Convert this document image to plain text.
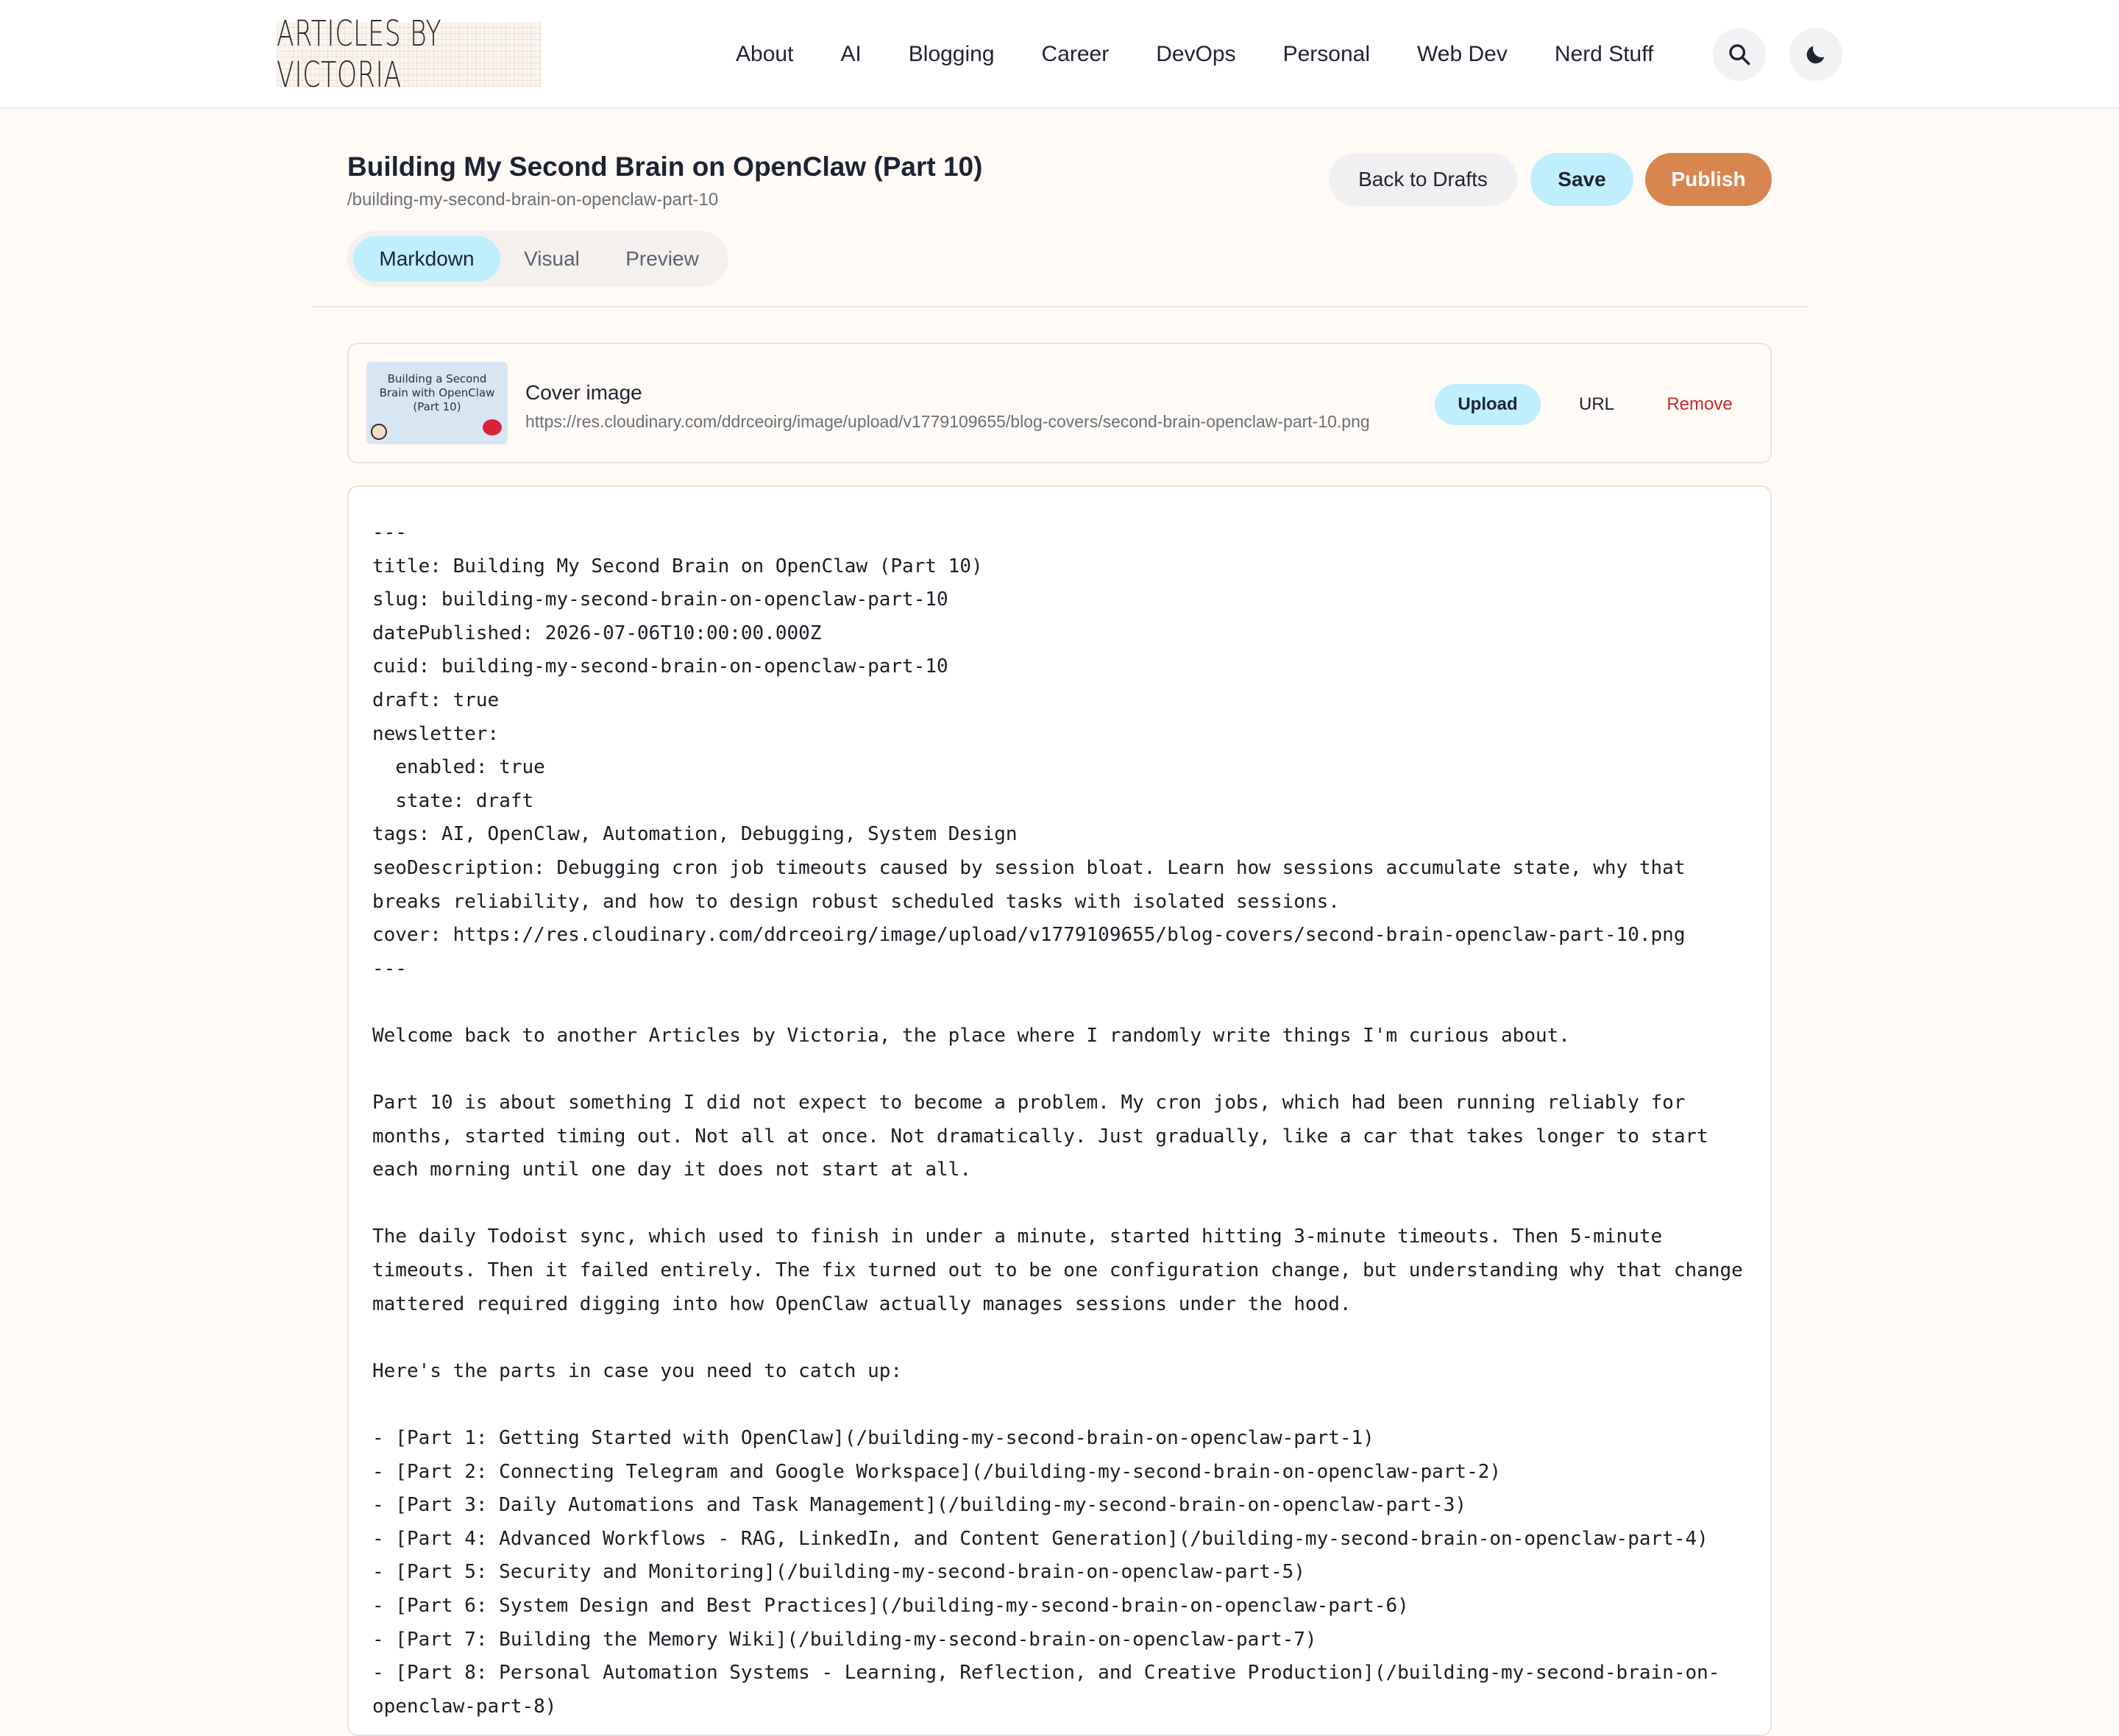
ARTICLES BY VICTORIA
About AI Blogging Career DevOps Personal Web Dev Nerd Stuff
Building My Second Brain on OpenClaw (Part 10)
/building-my-second-brain-on-openclaw-part-10
Back to Drafts	Save	Publish
Markdown	Visual	Preview
Building a Second Brain with OpenClaw (Part 10)
Cover image
https://res.cloudinary.com/ddrceoirg/image/upload/v1779109655/blog-covers/second-brain-openclaw-part-10.png
Upload	URL	Remove
---
title: Building My Second Brain on OpenClaw (Part 10)
slug: building-my-second-brain-on-openclaw-part-10
datePublished: 2026-07-06T10:00:00.000Z
cuid: building-my-second-brain-on-openclaw-part-10
draft: true
newsletter:
enabled: true
state: draft
tags: AI, OpenClaw, Automation, Debugging, System Design
seoDescription: Debugging cron job timeouts caused by session bloat. Learn how sessions accumulate state, why that breaks reliability, and how to design robust scheduled tasks with isolated sessions.
cover: https://res.cloudinary.com/ddrceoirg/image/upload/v1779109655/blog-covers/second-brain-openclaw-part-10.png
---
Welcome back to another Articles by Victoria, the place where I randomly write things I'm curious about.
Part 10 is about something I did not expect to become a problem. My cron jobs, which had been running reliably for months, started timing out. Not all at once. Not dramatically. Just gradually, like a car that takes longer to start each morning until one day it does not start at all.
The daily Todoist sync, which used to finish in under a minute, started hitting 3-minute timeouts. Then 5-minute timeouts. Then it failed entirely. The fix turned out to be one configuration change, but understanding why that change mattered required digging into how OpenClaw actually manages sessions under the hood.
Here's the parts in case you need to catch up:
- [Part 1: Getting Started with OpenClaw](/building-my-second-brain-on-openclaw-part-1)
- [Part 2: Connecting Telegram and Google Workspace](/building-my-second-brain-on-openclaw-part-2)
- [Part 3: Daily Automations and Task Management](/building-my-second-brain-on-openclaw-part-3)
- [Part 4: Advanced Workflows - RAG, LinkedIn, and Content Generation](/building-my-second-brain-on-openclaw-part-4)
- [Part 5: Security and Monitoring](/building-my-second-brain-on-openclaw-part-5)
- [Part 6: System Design and Best Practices](/building-my-second-brain-on-openclaw-part-6)
- [Part 7: Building the Memory Wiki](/building-my-second-brain-on-openclaw-part-7)
- [Part 8: Personal Automation Systems - Learning, Reflection, and Creative Production](/building-my-second-brain-on-openclaw-part-8)
